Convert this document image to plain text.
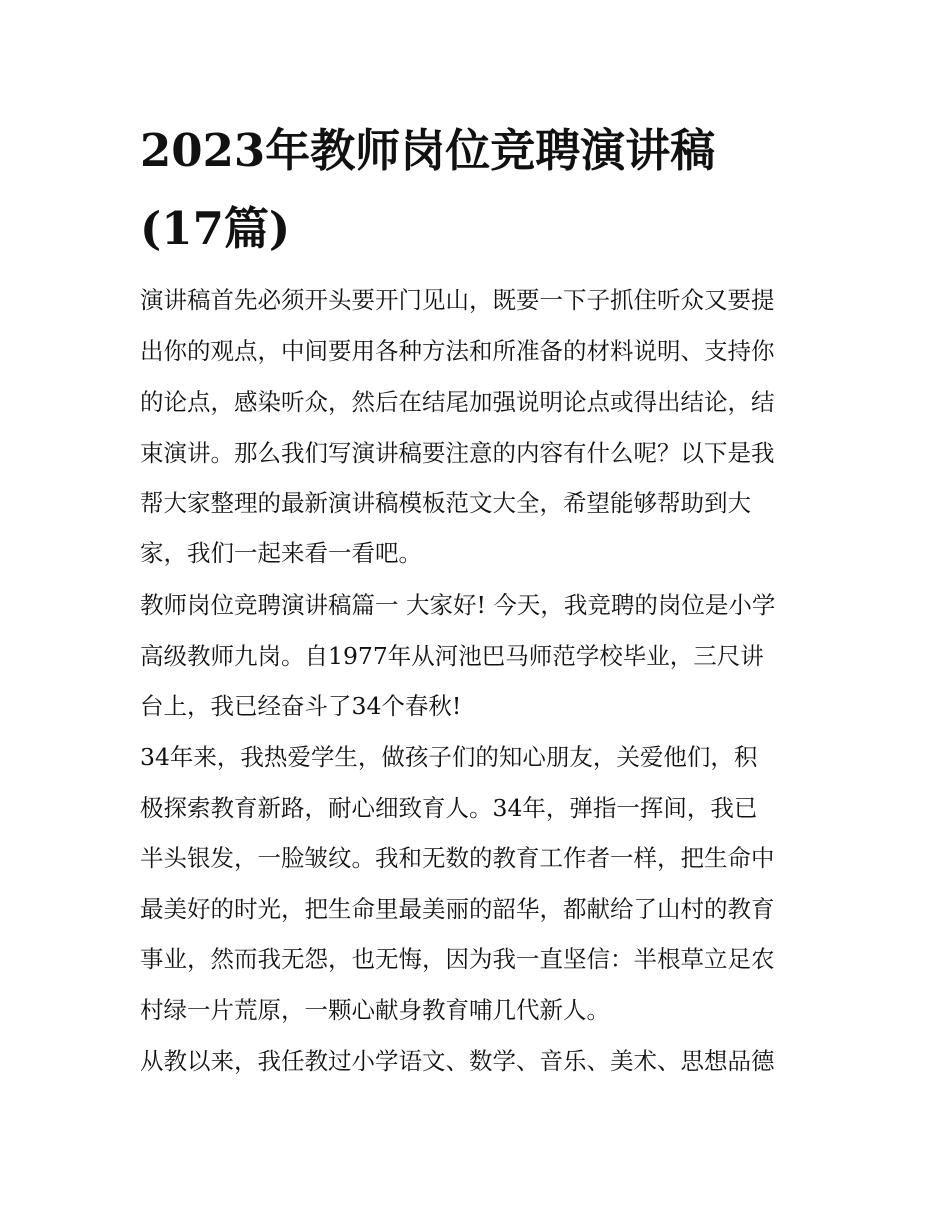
2023年教师岗位竞聘演讲稿
(17篇)

演讲稿首先必须开头要开门见山，既要一下子抓住听众又要提

出你的观点，中间要用各种方法和所准备的材料说明、支持你

的论点，感染听众，然后在结尾加强说明论点或得出结论，结

束演讲。那么我们写演讲稿要注意的内容有什么呢？以下是我

帮大家整理的最新演讲稿模板范文大全，希望能够帮助到大

家，我们一起来看一看吧。

教师岗位竞聘演讲稿篇一 大家好! 今天，我竞聘的岗位是小学

高级教师九岗。自1977年从河池巴马师范学校毕业，三尺讲

台上，我已经奋斗了34个春秋!

34年来，我热爱学生，做孩子们的知心朋友，关爱他们，积

极探索教育新路，耐心细致育人。34年，弹指一挥间，我已

半头银发，一脸皱纹。我和无数的教育工作者一样，把生命中

最美好的时光，把生命里最美丽的韶华，都献给了山村的教育

事业，然而我无怨，也无悔，因为我一直坚信：半根草立足农

村绿一片荒原，一颗心献身教育哺几代新人。

从教以来，我任教过小学语文、数学、音乐、美术、思想品德
